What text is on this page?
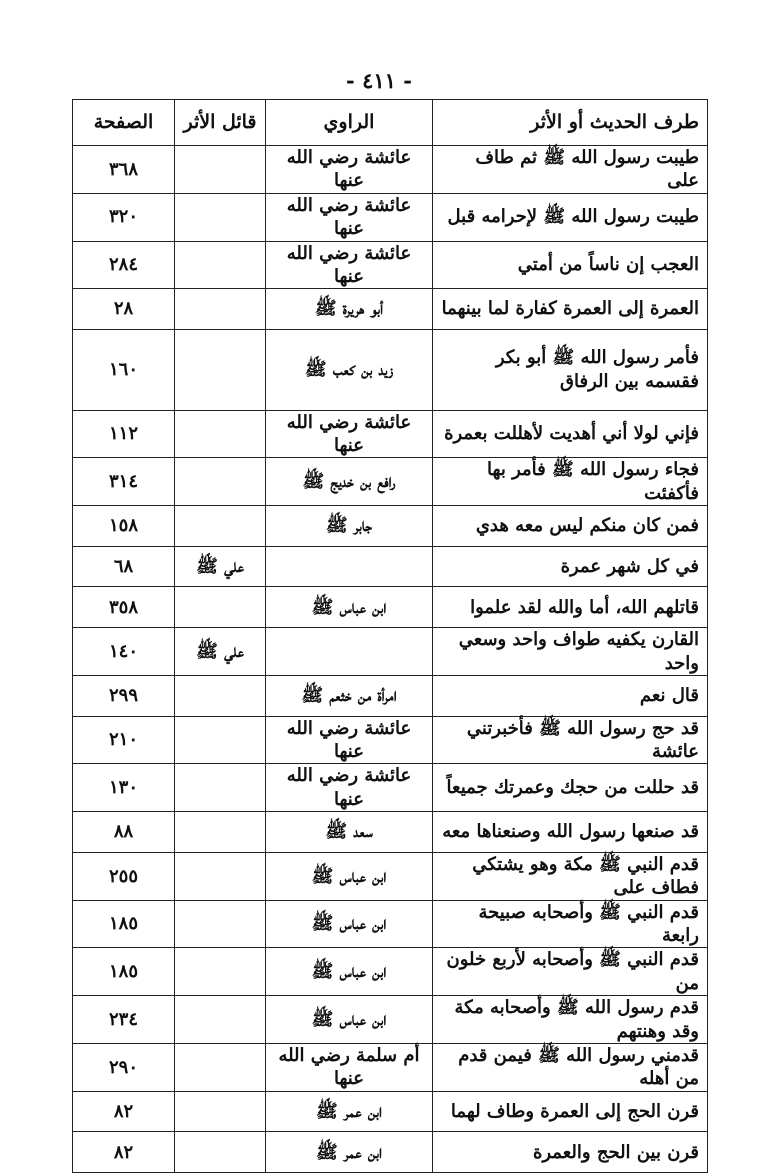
- ٤١١ -
طرف الحديث أو الأثر	الراوي	قائل الأثر	الصفحة
طيبت رسول الله ﷺ ثم طاف على	عائشة رضي الله عنها		٣٦٨
طيبت رسول الله ﷺ لإحرامه قبل	عائشة رضي الله عنها		٣٢٠
العجب إن ناساً من أمتي	عائشة رضي الله عنها		٢٨٤
العمرة إلى العمرة كفارة لما بينهما	أبو هريرة ﷺ		٢٨
فأمر رسول الله ﷺ أبو بكر فقسمه بين الرفاق	زيد بن كعب ﷺ		١٦٠
فإني لولا أني أهديت لأهللت بعمرة	عائشة رضي الله عنها		١١٢
فجاء رسول الله ﷺ فأمر بها فأكفئت	رافع بن خديج ﷺ		٣١٤
فمن كان منكم ليس معه هدي	جابر ﷺ		١٥٨
في كل شهر عمرة		علي ﷺ	٦٨
قاتلهم الله، أما والله لقد علموا	ابن عباس ﷺ		٣٥٨
القارن يكفيه طواف واحد وسعي واحد		علي ﷺ	١٤٠
قال نعم	امرأة من خثعم ﷺ		٢٩٩
قد حج رسول الله ﷺ فأخبرتني عائشة	عائشة رضي الله عنها		٢١٠
قد حللت من حجك وعمرتك جميعاً	عائشة رضي الله عنها		١٣٠
قد صنعها رسول الله وصنعناها معه	سعد ﷺ		٨٨
قدم النبي ﷺ مكة وهو يشتكي فطاف على	ابن عباس ﷺ		٢٥٥
قدم النبي ﷺ وأصحابه صبيحة رابعة	ابن عباس ﷺ		١٨٥
قدم النبي ﷺ وأصحابه لأربع خلون من	ابن عباس ﷺ		١٨٥
قدم رسول الله ﷺ وأصحابه مكة وقد وهنتهم	ابن عباس ﷺ		٢٣٤
قدمني رسول الله ﷺ فيمن قدم من أهله	أم سلمة رضي الله عنها		٢٩٠
قرن الحج إلى العمرة وطاف لهما	ابن عمر ﷺ		٨٢
قرن بين الحج والعمرة	ابن عمر ﷺ		٨٢
